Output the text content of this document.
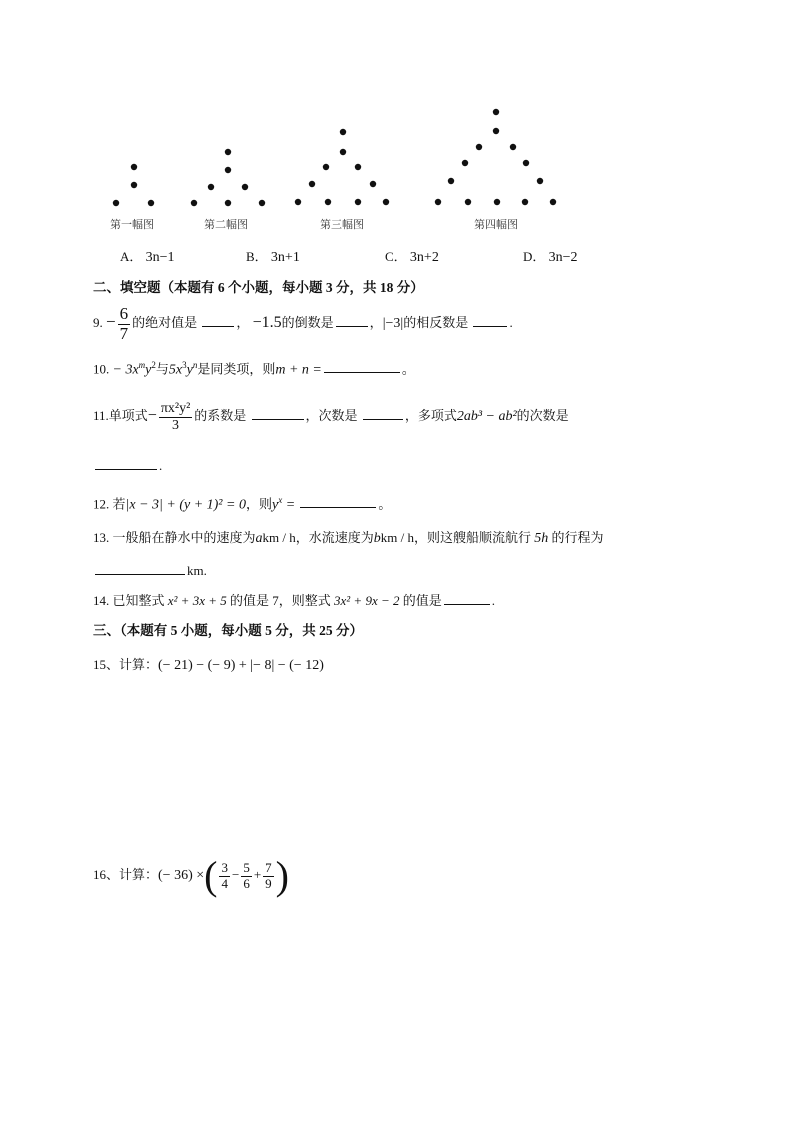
第一幅图	第二幅图	第三幅图	第四幅图
A． 3n−1	B． 3n+1	C． 3n+2	D． 3n−2
二、填空题（本题有 6 个小题，每小题 3 分，共 18 分）
9. − $\frac{6}{7}$ 的绝对值是	， −1.5的倒数是	，|−3|的相反数是	.
10. − $3x^my^2$与$5x^3y^n$是同类项，则m + n =	。
11.单项式− $\frac{\text{πx²y²}}{3}$ 的系数是	，次数是	，多项式2ab³ − ab²的次数是
.
12. 若|x − 3| + (y + 1)² = 0，则$y^x$ =	。
13. 一般船在静水中的速度为akm / h，水流速度为bkm / h，则这艘船顺流航行 5h 的行程为
km.
14. 已知整式 x² + 3x + 5 的值是 7，则整式 3x² + 9x − 2 的值是	.
三、（本题有 5 小题，每小题 5 分，共 25 分）
15、计算：(− 21) − (− 9) + |− 8| − (− 12)
16、计算：(− 36) ×( $\frac{3}{4} - \frac{5}{6} + \frac{7}{9}$ )
